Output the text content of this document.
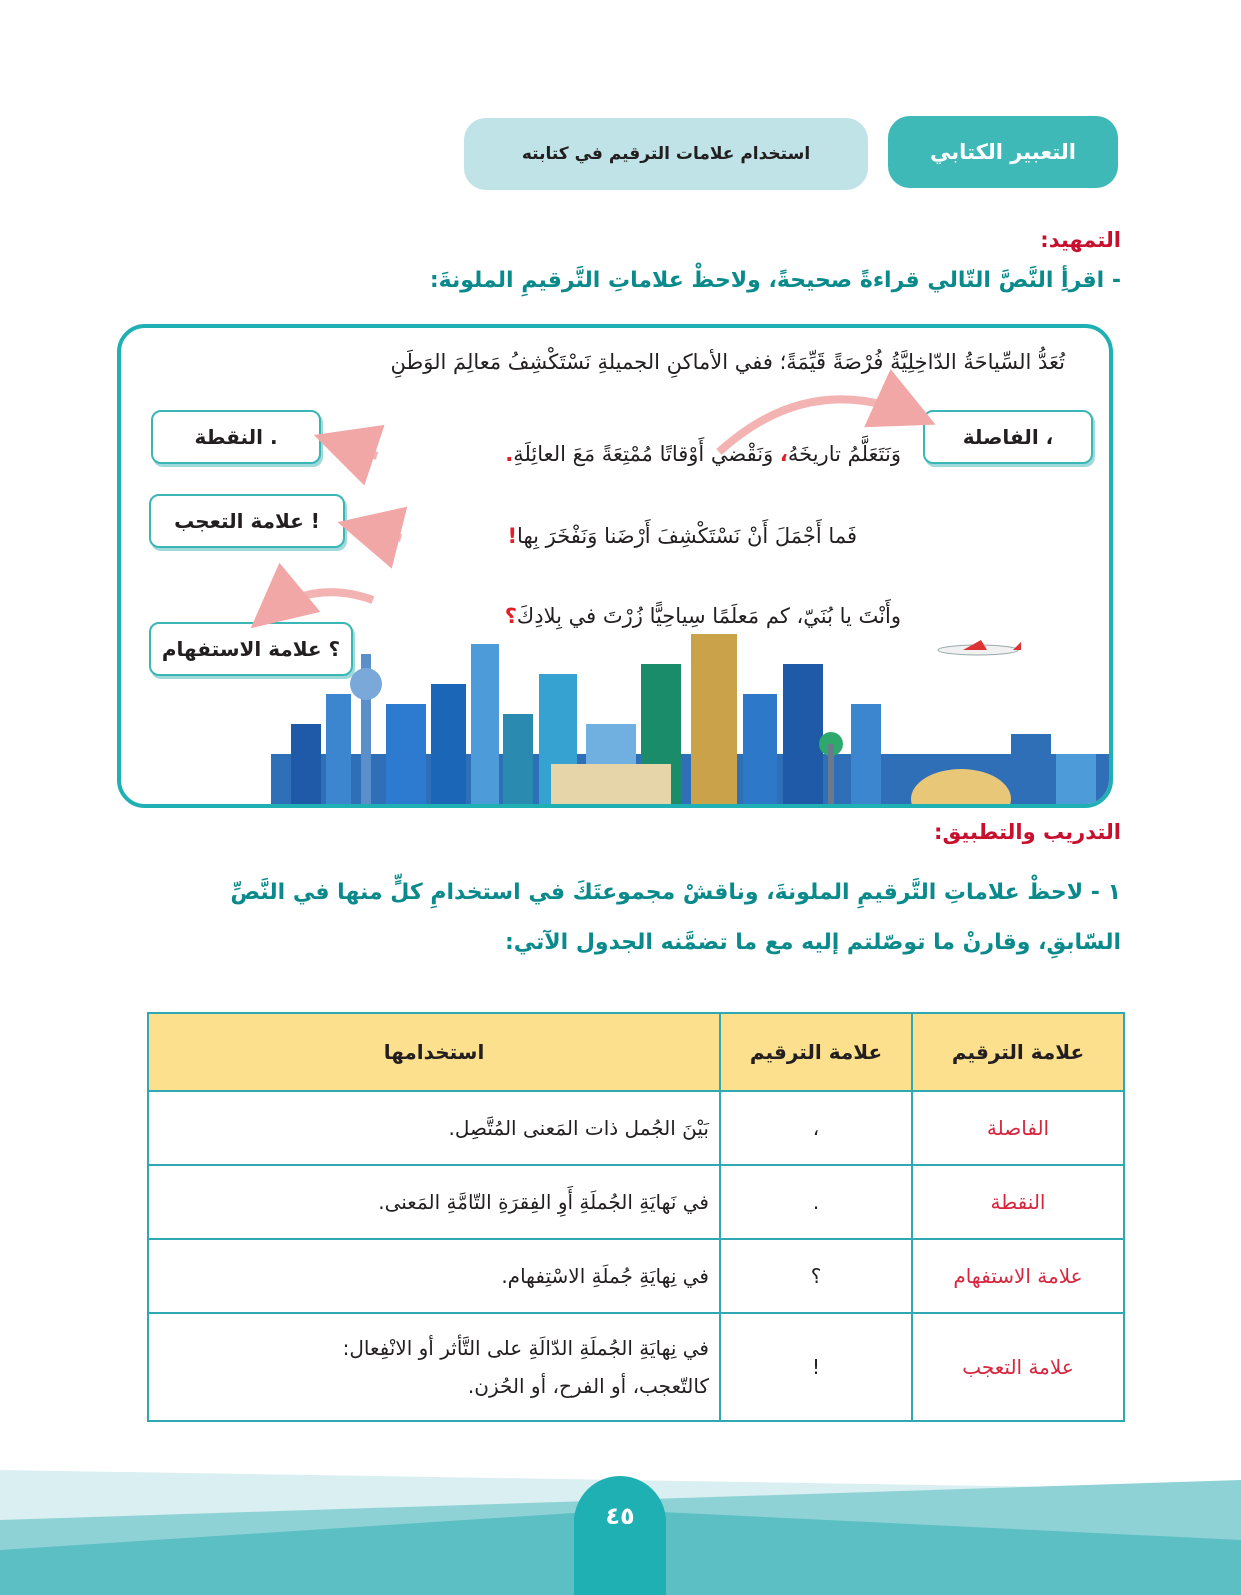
التعبير الكتابي
استخدام علامات الترقيم في كتابته
التمهيد:
- اقرأِ النَّصَّ التّالي قراءةً صحيحةً، ولاحظْ علاماتِ التَّرقيمِ الملونةَ:
تُعَدُّ السِّياحَةُ الدّاخِلِيَّةُ فُرْصَةً قَيِّمَةً؛ ففي الأماكنِ الجميلةِ نَسْتَكْشِفُ مَعالِمَ الوَطَنِ
وَنَتَعَلَّمُ تاريخَهُ، وَنَقْضي أَوْقاتًا مُمْتِعَةً مَعَ العائِلَةِ.
فَما أَجْمَلَ أَنْ نَسْتَكْشِفَ أَرْضَنا وَنَفْخَرَ بِها!
وأَنْتَ يا بُنَيّ، كم مَعلَمًا سِياحِيًّا زُرْتَ في بِلادِكَ؟
، الفاصلة
. النقطة
! علامة التعجب
؟ علامة الاستفهام
التدريب والتطبيق:
١ - لاحظْ علاماتِ التَّرقيمِ الملونةَ، وناقشْ مجموعتَكَ في استخدامِ كلٍّ منها في النَّصِّ
السّابقِ، وقارنْ ما توصّلتم إليه مع ما تضمَّنه الجدول الآتي:
علامة الترقيم	علامة الترقيم	استخدامها
الفاصلة	،	بَيْنَ الجُمل ذات المَعنى المُتَّصِل.
النقطة	.	في نَهايَةِ الجُملَةِ أَوِ الفِقرَةِ التّامَّةِ المَعنى.
علامة الاستفهام	؟	في نِهايَةِ جُملَةِ الاسْتِفهام.
علامة التعجب	!	في نِهايَةِ الجُملَةِ الدّالَةِ على التَّأثر أو الانْفِعال:
كالتّعجب، أو الفرح، أو الحُزن.
٤٥
